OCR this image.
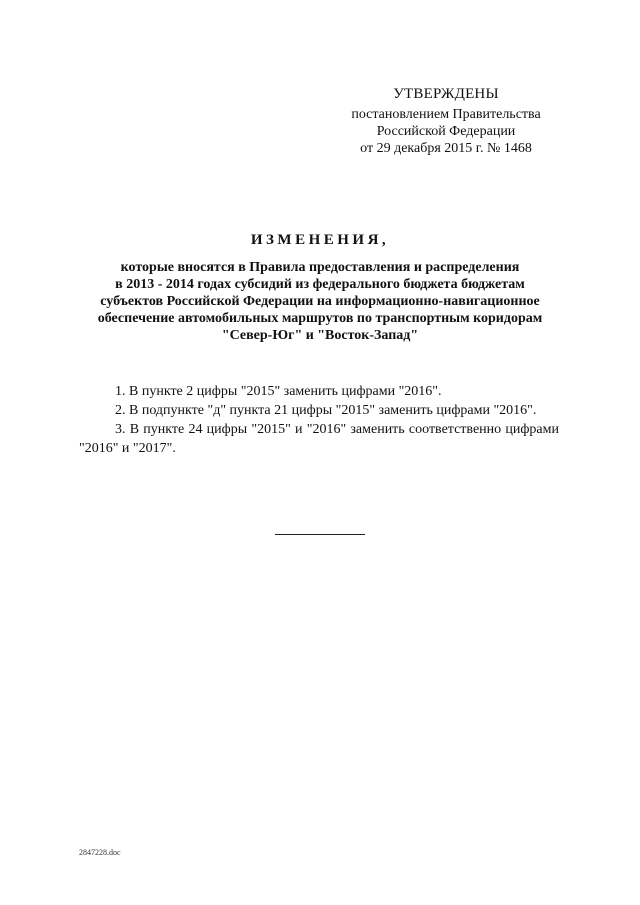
УТВЕРЖДЕНЫ
постановлением Правительства
Российской Федерации
от 29 декабря 2015 г. № 1468
ИЗМЕНЕНИЯ,
которые вносятся в Правила предоставления и распределения
в 2013 - 2014 годах субсидий из федерального бюджета бюджетам
субъектов Российской Федерации на информационно-навигационное
обеспечение автомобильных маршрутов по транспортным коридорам
"Север-Юг" и "Восток-Запад"

1. В пункте 2 цифры "2015" заменить цифрами "2016".

2. В подпункте "д" пункта 21 цифры "2015" заменить цифрами "2016".

3. В пункте 24 цифры "2015" и "2016" заменить соответственно цифрами "2016" и "2017".

2847228.doc
